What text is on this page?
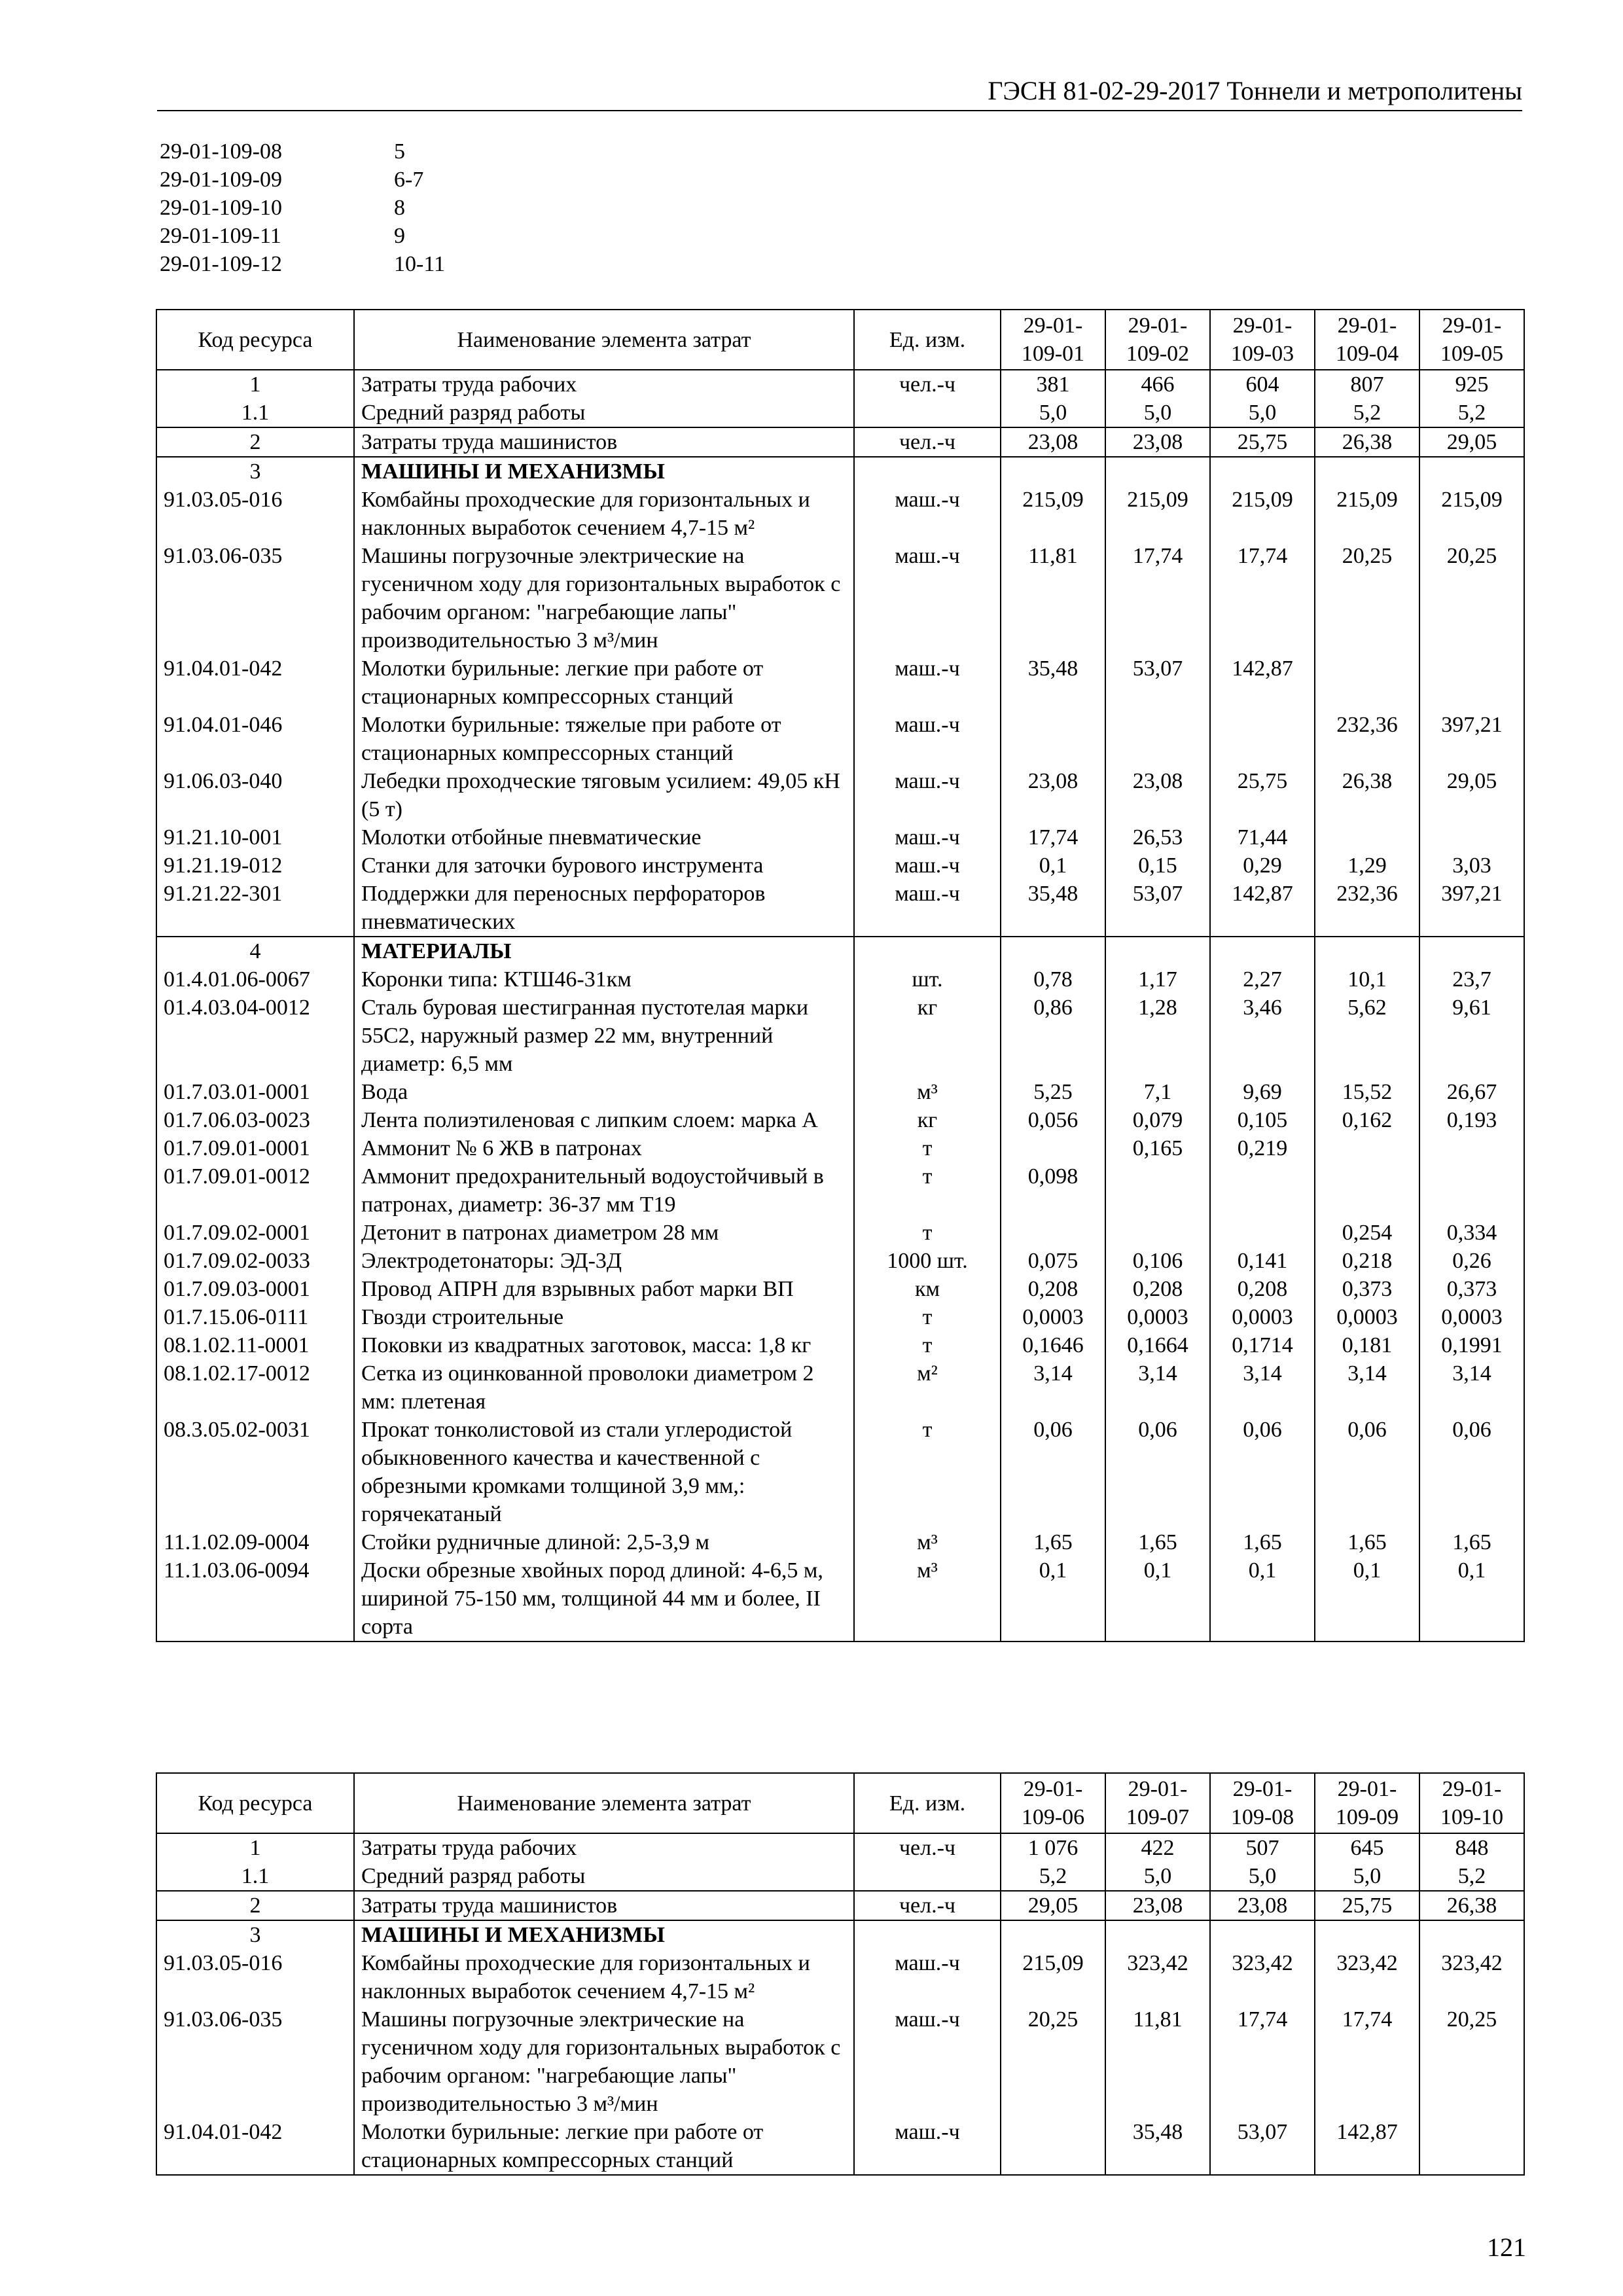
ГЭСН 81-02-29-2017 Тоннели и метрополитены
29-01-109-08	5
29-01-109-09	6-7
29-01-109-10	8
29-01-109-11	9
29-01-109-12	10-11
Код ресурса	Наименование элемента затрат	Ед. изм.	29-01-109-01	29-01-109-02	29-01-109-03	29-01-109-04	29-01-109-05
1	Затраты труда рабочих	чел.-ч	381	466	604	807	925
1.1	Средний разряд работы		5,0	5,0	5,0	5,2	5,2
2	Затраты труда машинистов	чел.-ч	23,08	23,08	25,75	26,38	29,05
3	МАШИНЫ И МЕХАНИЗМЫ						
91.03.05-016	Комбайны проходческие для горизонтальных и наклонных выработок сечением 4,7-15 м²	маш.-ч	215,09	215,09	215,09	215,09	215,09
91.03.06-035	Машины погрузочные электрические на гусеничном ходу для горизонтальных выработок с рабочим органом: "нагребающие лапы" производительностью 3 м³/мин	маш.-ч	11,81	17,74	17,74	20,25	20,25
91.04.01-042	Молотки бурильные: легкие при работе от стационарных компрессорных станций	маш.-ч	35,48	53,07	142,87		
91.04.01-046	Молотки бурильные: тяжелые при работе от стационарных компрессорных станций	маш.-ч				232,36	397,21
91.06.03-040	Лебедки проходческие тяговым усилием: 49,05 кН (5 т)	маш.-ч	23,08	23,08	25,75	26,38	29,05
91.21.10-001	Молотки отбойные пневматические	маш.-ч	17,74	26,53	71,44		
91.21.19-012	Станки для заточки бурового инструмента	маш.-ч	0,1	0,15	0,29	1,29	3,03
91.21.22-301	Поддержки для переносных перфораторов пневматических	маш.-ч	35,48	53,07	142,87	232,36	397,21
4	МАТЕРИАЛЫ						
01.4.01.06-0067	Коронки типа: КТШ46-31км	шт.	0,78	1,17	2,27	10,1	23,7
01.4.03.04-0012	Сталь буровая шестигранная пустотелая марки 55С2, наружный размер 22 мм, внутренний диаметр: 6,5 мм	кг	0,86	1,28	3,46	5,62	9,61
01.7.03.01-0001	Вода	м³	5,25	7,1	9,69	15,52	26,67
01.7.06.03-0023	Лента полиэтиленовая с липким слоем: марка А	кг	0,056	0,079	0,105	0,162	0,193
01.7.09.01-0001	Аммонит № 6 ЖВ в патронах	т		0,165	0,219		
01.7.09.01-0012	Аммонит предохранительный водоустойчивый в патронах, диаметр: 36-37 мм Т19	т	0,098				
01.7.09.02-0001	Детонит в патронах диаметром 28 мм	т				0,254	0,334
01.7.09.02-0033	Электродетонаторы: ЭД-3Д	1000 шт.	0,075	0,106	0,141	0,218	0,26
01.7.09.03-0001	Провод АПРН для взрывных работ марки ВП	км	0,208	0,208	0,208	0,373	0,373
01.7.15.06-0111	Гвозди строительные	т	0,0003	0,0003	0,0003	0,0003	0,0003
08.1.02.11-0001	Поковки из квадратных заготовок, масса: 1,8 кг	т	0,1646	0,1664	0,1714	0,181	0,1991
08.1.02.17-0012	Сетка из оцинкованной проволоки диаметром 2 мм: плетеная	м²	3,14	3,14	3,14	3,14	3,14
08.3.05.02-0031	Прокат тонколистовой из стали углеродистой обыкновенного качества и качественной с обрезными кромками толщиной 3,9 мм,: горячекатаный	т	0,06	0,06	0,06	0,06	0,06
11.1.02.09-0004	Стойки рудничные длиной: 2,5-3,9 м	м³	1,65	1,65	1,65	1,65	1,65
11.1.03.06-0094	Доски обрезные хвойных пород длиной: 4-6,5 м, шириной 75-150 мм, толщиной 44 мм и более, II сорта	м³	0,1	0,1	0,1	0,1	0,1
Код ресурса	Наименование элемента затрат	Ед. изм.	29-01-109-06	29-01-109-07	29-01-109-08	29-01-109-09	29-01-109-10
1	Затраты труда рабочих	чел.-ч	1 076	422	507	645	848
1.1	Средний разряд работы		5,2	5,0	5,0	5,0	5,2
2	Затраты труда машинистов	чел.-ч	29,05	23,08	23,08	25,75	26,38
3	МАШИНЫ И МЕХАНИЗМЫ						
91.03.05-016	Комбайны проходческие для горизонтальных и наклонных выработок сечением 4,7-15 м²	маш.-ч	215,09	323,42	323,42	323,42	323,42
91.03.06-035	Машины погрузочные электрические на гусеничном ходу для горизонтальных выработок с рабочим органом: "нагребающие лапы" производительностью 3 м³/мин	маш.-ч	20,25	11,81	17,74	17,74	20,25
91.04.01-042	Молотки бурильные: легкие при работе от стационарных компрессорных станций	маш.-ч		35,48	53,07	142,87	
121
